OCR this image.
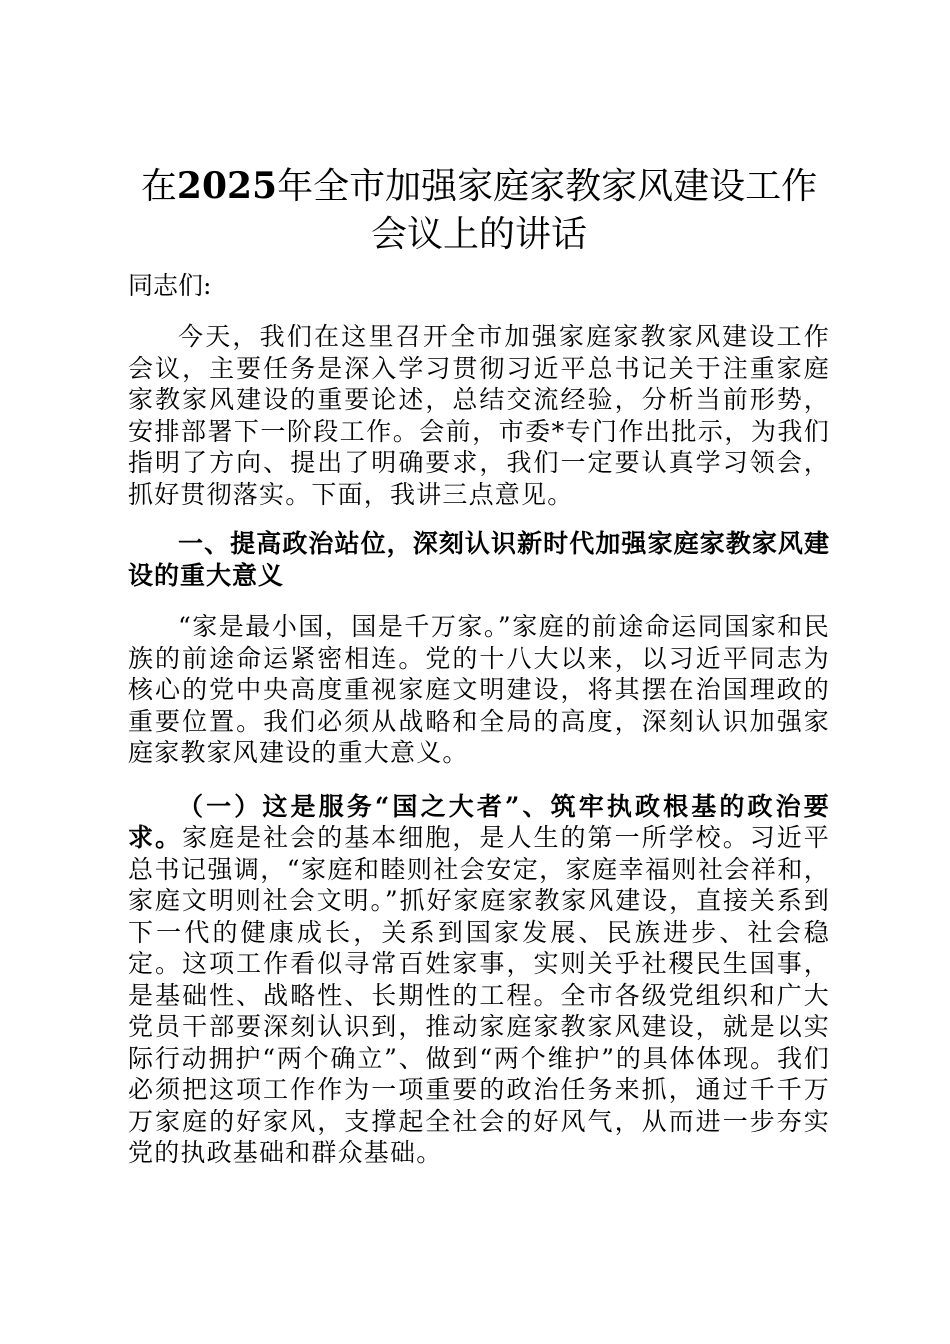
在2025年全市加强家庭家教家风建设工作会议上的讲话

同志们:

今天，我们在这里召开全市加强家庭家教家风建设工作会议，主要任务是深入学习贯彻习近平总书记关于注重家庭家教家风建设的重要论述，总结交流经验，分析当前形势，安排部署下一阶段工作。会前，市委*专门作出批示，为我们指明了方向、提出了明确要求，我们一定要认真学习领会，抓好贯彻落实。下面，我讲三点意见。

一、提高政治站位，深刻认识新时代加强家庭家教家风建设的重大意义

“家是最小国，国是千万家。”家庭的前途命运同国家和民族的前途命运紧密相连。党的十八大以来，以习近平同志为核心的党中央高度重视家庭文明建设，将其摆在治国理政的重要位置。我们必须从战略和全局的高度，深刻认识加强家庭家教家风建设的重大意义。

（一）这是服务“国之大者”、筑牢执政根基的政治要求。家庭是社会的基本细胞，是人生的第一所学校。习近平总书记强调，“家庭和睦则社会安定，家庭幸福则社会祥和，家庭文明则社会文明。”抓好家庭家教家风建设，直接关系到下一代的健康成长，关系到国家发展、民族进步、社会稳定。这项工作看似寻常百姓家事，实则关乎社稷民生国事，是基础性、战略性、长期性的工程。全市各级党组织和广大党员干部要深刻认识到，推动家庭家教家风建设，就是以实际行动拥护“两个确立”、做到“两个维护”的具体体现。我们必须把这项工作作为一项重要的政治任务来抓，通过千千万万家庭的好家风，支撑起全社会的好风气，从而进一步夯实党的执政基础和群众基础。
